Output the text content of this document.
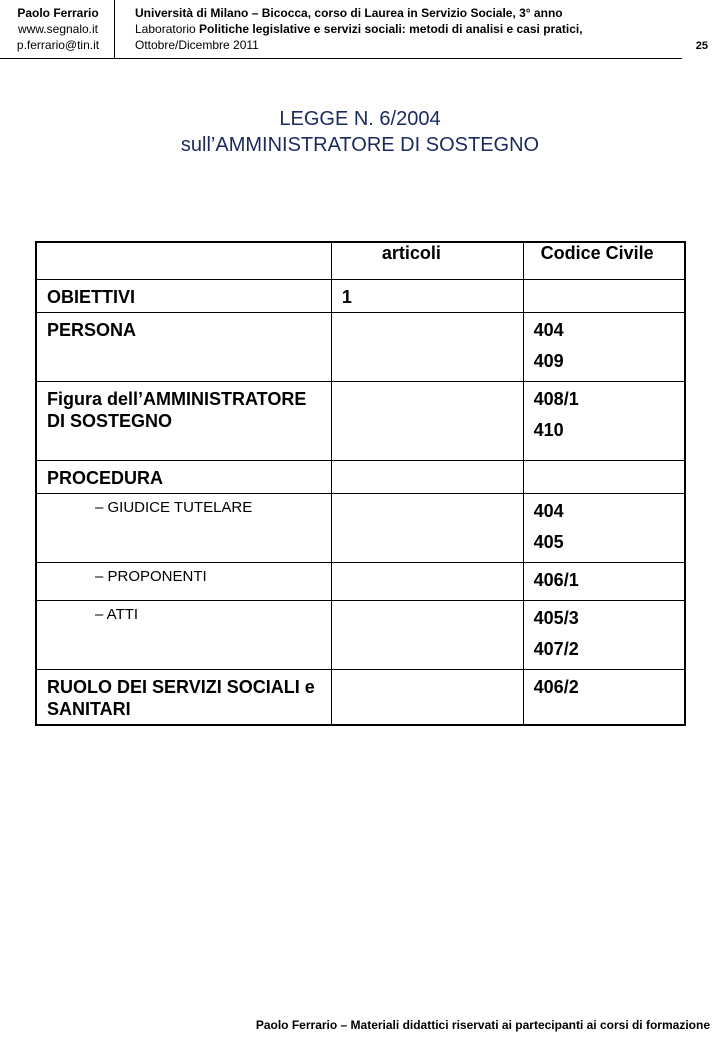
Paolo Ferrario
www.segnalo.it
p.ferrario@tin.it
Università di Milano – Bicocca, corso di Laurea in Servizio Sociale, 3° anno
Laboratorio Politiche legislative e servizi sociali: metodi di analisi e casi pratici,
Ottobre/Dicembre 2011	25
LEGGE N. 6/2004
sull’AMMINISTRATORE DI SOSTEGNO
	articoli	Codice Civile
OBIETTIVI	1	
PERSONA		404
409

Figura dell’AMMINISTRATORE DI SOSTEGNO		408/1
410

PROCEDURA		
– GIUDICE TUTELARE		404
405

– PROPONENTI		406/1

– ATTI		405/3
407/2

RUOLO DEI SERVIZI SOCIALI e SANITARI		406/2
Paolo Ferrario – Materiali didattici riservati ai partecipanti ai corsi di formazione
